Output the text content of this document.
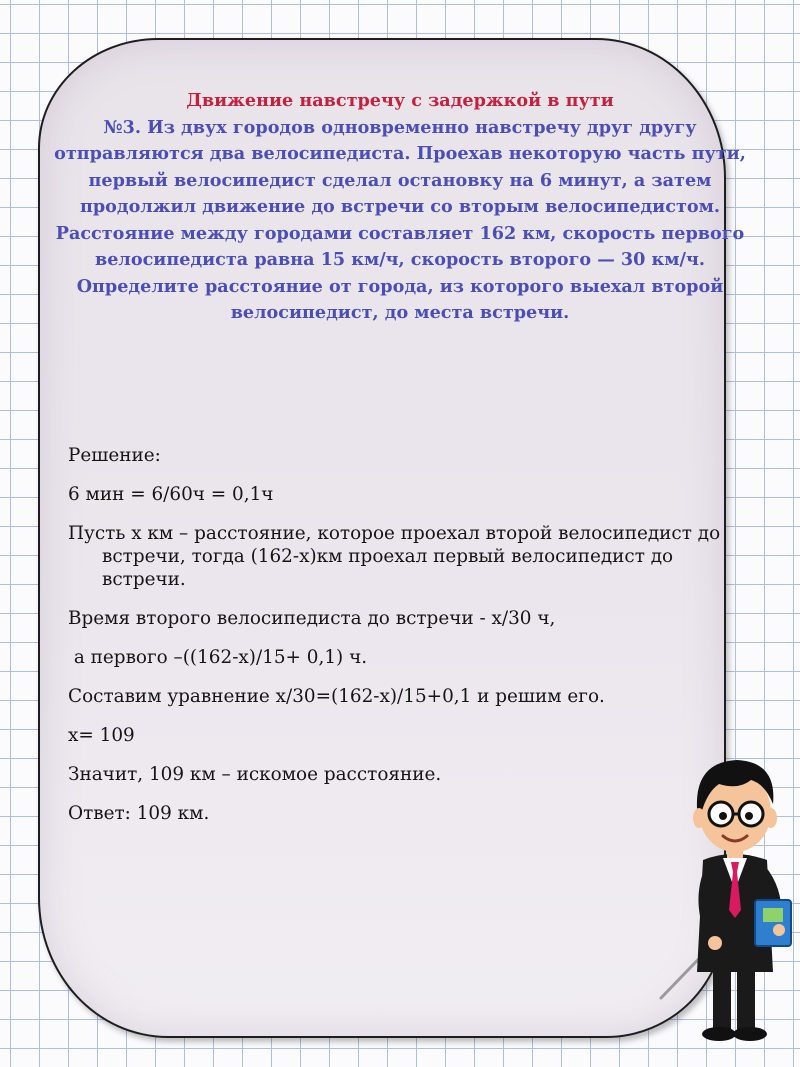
Движение навстречу с задержкой в пути
№3. Из двух городов одновременно навстречу друг другу отправляются два велосипедиста. Проехав некоторую часть пути, первый велосипедист сделал остановку на 6 минут, а затем продолжил движение до встречи со вторым велосипедистом. Расстояние между городами составляет 162 км, скорость первого велосипедиста равна 15 км/ч, скорость второго — 30 км/ч. Определите расстояние от города, из которого выехал второй велосипедист, до места встречи.

Решение:

6 мин = 6/60ч = 0,1ч

Пусть х км – расстояние, которое проехал второй велосипедист до встречи, тогда (162-х)км проехал первый велосипедист до встречи.

Время второго велосипедиста до встречи - х/30 ч,

а первого –((162-х)/15+ 0,1) ч.

Составим уравнение х/30=(162-х)/15+0,1 и решим его.

х= 109

Значит, 109 км – искомое расстояние.

Ответ: 109 км.
